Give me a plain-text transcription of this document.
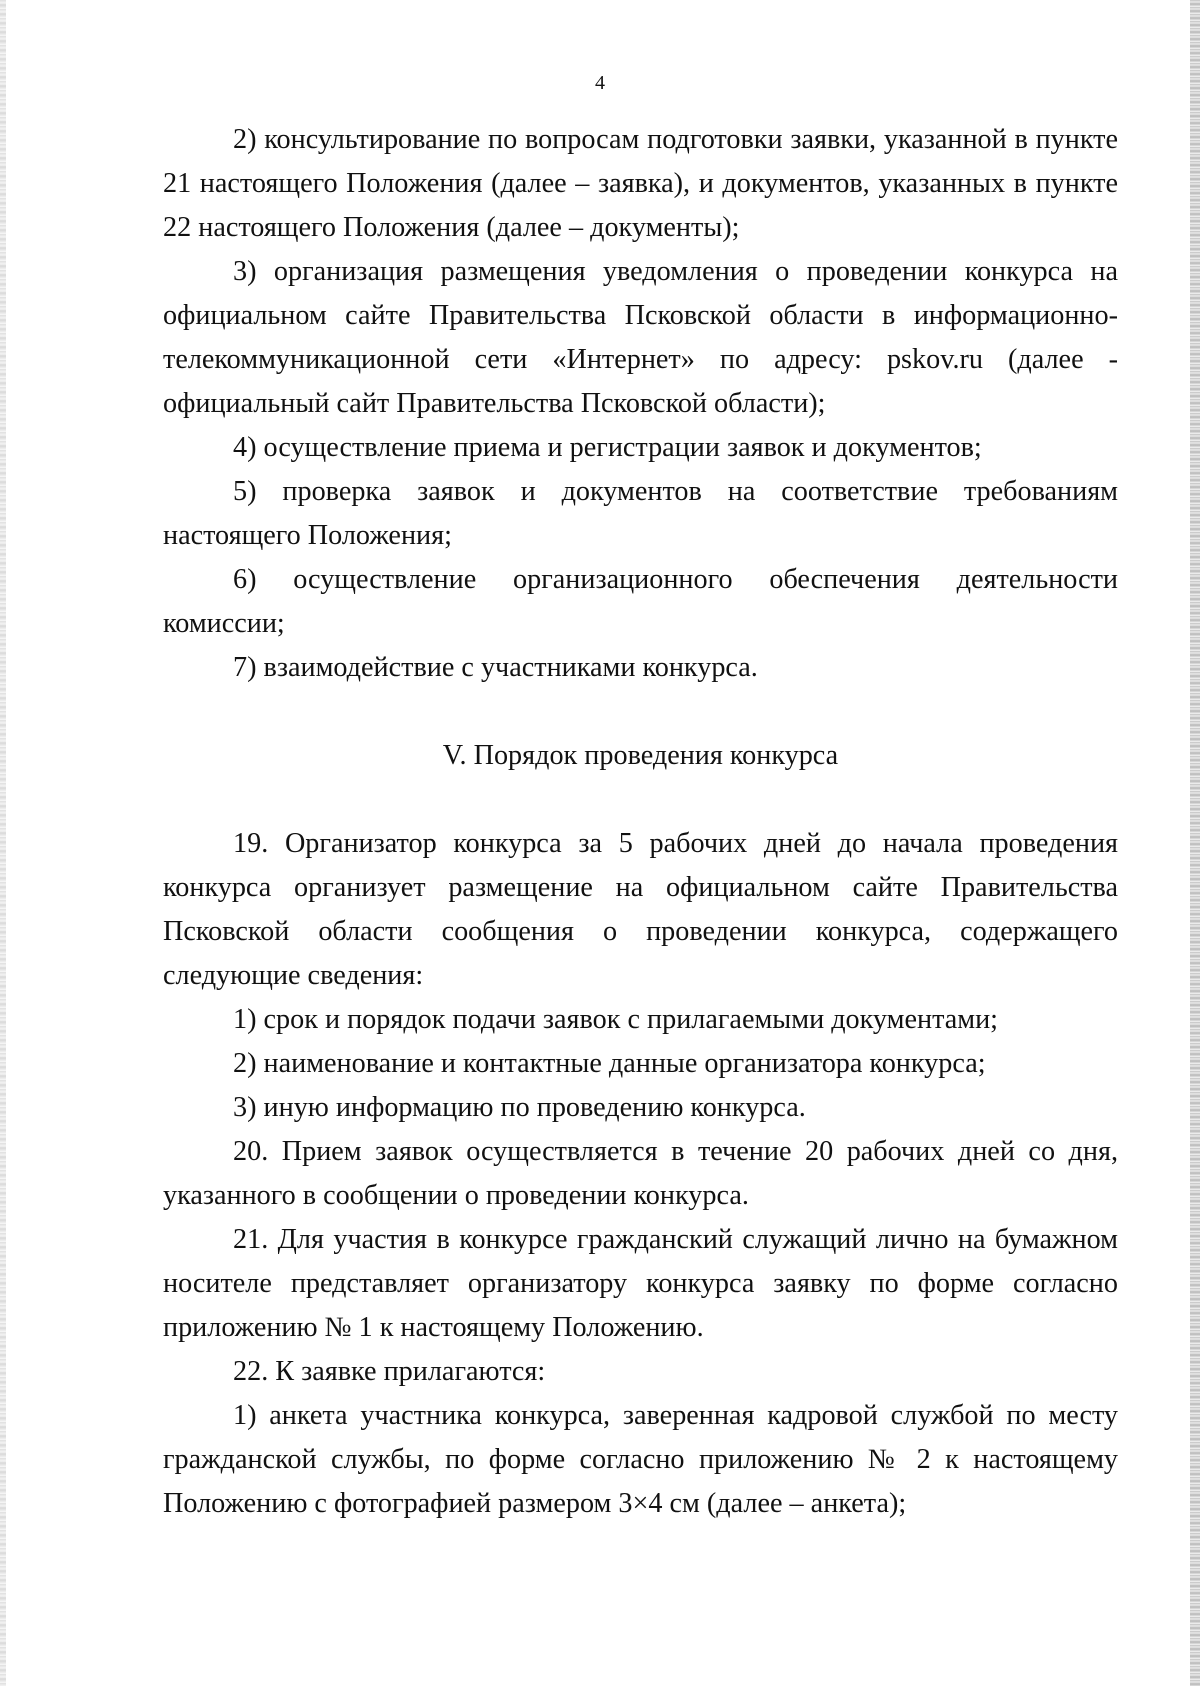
4

2) консультирование по вопросам подготовки заявки, указанной в пункте 21 настоящего Положения (далее – заявка), и документов, указанных в пункте 22 настоящего Положения (далее – документы);

3) организация размещения уведомления о проведении конкурса на официальном сайте Правительства Псковской области в информационно-телекоммуникационной сети «Интернет» по адресу: pskov.ru (далее - официальный сайт Правительства Псковской области);

4) осуществление приема и регистрации заявок и документов;

5) проверка заявок и документов на соответствие требованиям настоящего Положения;

6) осуществление организационного обеспечения деятельности комиссии;

7) взаимодействие с участниками конкурса.

V. Порядок проведения конкурса

19. Организатор конкурса за 5 рабочих дней до начала проведения конкурса организует размещение на официальном сайте Правительства Псковской области сообщения о проведении конкурса, содержащего следующие сведения:

1) срок и порядок подачи заявок с прилагаемыми документами;

2) наименование и контактные данные организатора конкурса;

3) иную информацию по проведению конкурса.

20. Прием заявок осуществляется в течение 20 рабочих дней со дня, указанного в сообщении о проведении конкурса.

21. Для участия в конкурсе гражданский служащий лично на бумажном носителе представляет организатору конкурса заявку по форме согласно приложению № 1 к настоящему Положению.

22. К заявке прилагаются:

1) анкета участника конкурса, заверенная кадровой службой по месту гражданской службы, по форме согласно приложению № 2 к настоящему Положению с фотографией размером 3×4 см (далее – анкета);
